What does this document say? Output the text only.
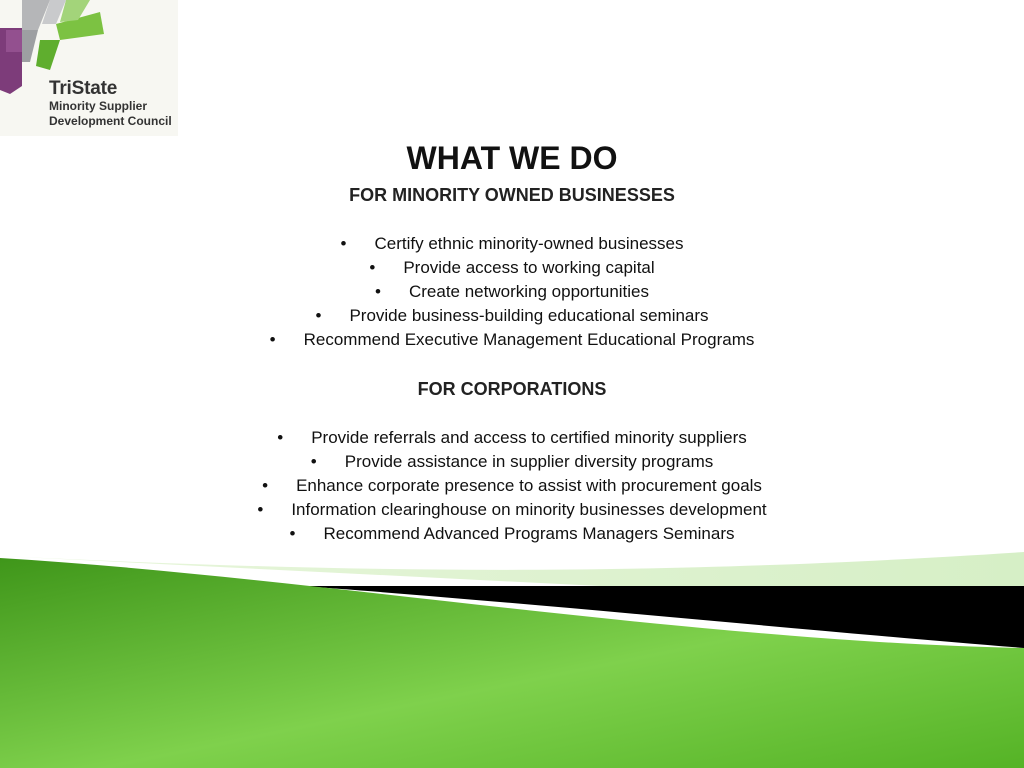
TriState
Minority Supplier
Development Council
WHAT WE DO
FOR MINORITY OWNED BUSINESSES
• Certify ethnic minority-owned businesses
• Provide access to working capital
• Create networking opportunities
• Provide business-building educational seminars
• Recommend Executive Management Educational Programs
FOR CORPORATIONS
• Provide referrals and access to certified minority suppliers
• Provide assistance in supplier diversity programs
• Enhance corporate presence to assist with procurement goals
• Information clearinghouse on minority businesses development
• Recommend Advanced Programs Managers Seminars
